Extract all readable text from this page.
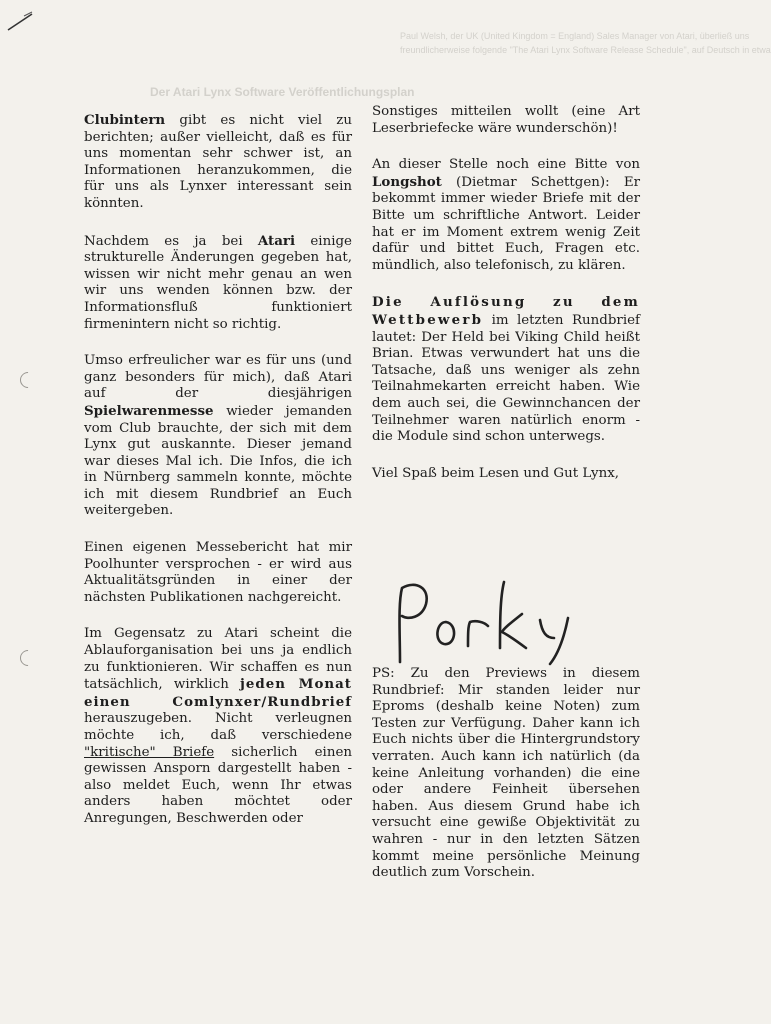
Paul Welsh, der UK (United Kingdom = England) Sales Manager von Atari, überließ uns
freundlicherweise folgende "The Atari Lynx Software Release Schedule", auf Deutsch in etwa
Der Atari Lynx Software Veröffentlichungsplan

Clubintern gibt es nicht viel zu berichten; außer vielleicht, daß es für uns momentan sehr schwer ist, an Informationen heranzukommen, die für uns als Lynxer interessant sein könnten.

Nachdem es ja bei Atari einige strukturelle Änderungen gegeben hat, wissen wir nicht mehr genau an wen wir uns wenden können bzw. der Informationsfluß funktioniert firmenintern nicht so richtig.

Umso erfreulicher war es für uns (und ganz besonders für mich), daß Atari auf der diesjährigen Spielwarenmesse wieder jemanden vom Club brauchte, der sich mit dem Lynx gut auskannte. Dieser jemand war dieses Mal ich. Die Infos, die ich in Nürnberg sammeln konnte, möchte ich mit diesem Rundbrief an Euch weitergeben.

Einen eigenen Messebericht hat mir Poolhunter versprochen - er wird aus Aktualitätsgründen in einer der nächsten Publikationen nachgereicht.

Im Gegensatz zu Atari scheint die Ablauforganisation bei uns ja endlich zu funktionieren. Wir schaffen es nun tatsächlich, wirklich jeden Monat einen Comlynxer/Rundbrief herauszugeben. Nicht verleugnen möchte ich, daß verschiedene "kritische" Briefe sicherlich einen gewissen Ansporn dargestellt haben - also meldet Euch, wenn Ihr etwas anders haben möchtet oder Anregungen, Beschwerden oder

Sonstiges mitteilen wollt (eine Art Leserbriefecke wäre wunderschön)!

An dieser Stelle noch eine Bitte von Longshot (Dietmar Schettgen): Er bekommt immer wieder Briefe mit der Bitte um schriftliche Antwort. Leider hat er im Moment extrem wenig Zeit dafür und bittet Euch, Fragen etc. mündlich, also telefonisch, zu klären.

Die Auflösung zu dem Wettbewerb im letzten Rundbrief lautet: Der Held bei Viking Child heißt Brian. Etwas verwundert hat uns die Tatsache, daß uns weniger als zehn Teilnahmekarten erreicht haben. Wie dem auch sei, die Gewinnchancen der Teilnehmer waren natürlich enorm - die Module sind schon unterwegs.

Viel Spaß beim Lesen und Gut Lynx,

PS: Zu den Previews in diesem Rundbrief: Mir standen leider nur Eproms (deshalb keine Noten) zum Testen zur Verfügung. Daher kann ich Euch nichts über die Hintergrundstory verraten. Auch kann ich natürlich (da keine Anleitung vorhanden) die eine oder andere Feinheit übersehen haben. Aus diesem Grund habe ich versucht eine gewiße Objektivität zu wahren - nur in den letzten Sätzen kommt meine persönliche Meinung deutlich zum Vorschein.
